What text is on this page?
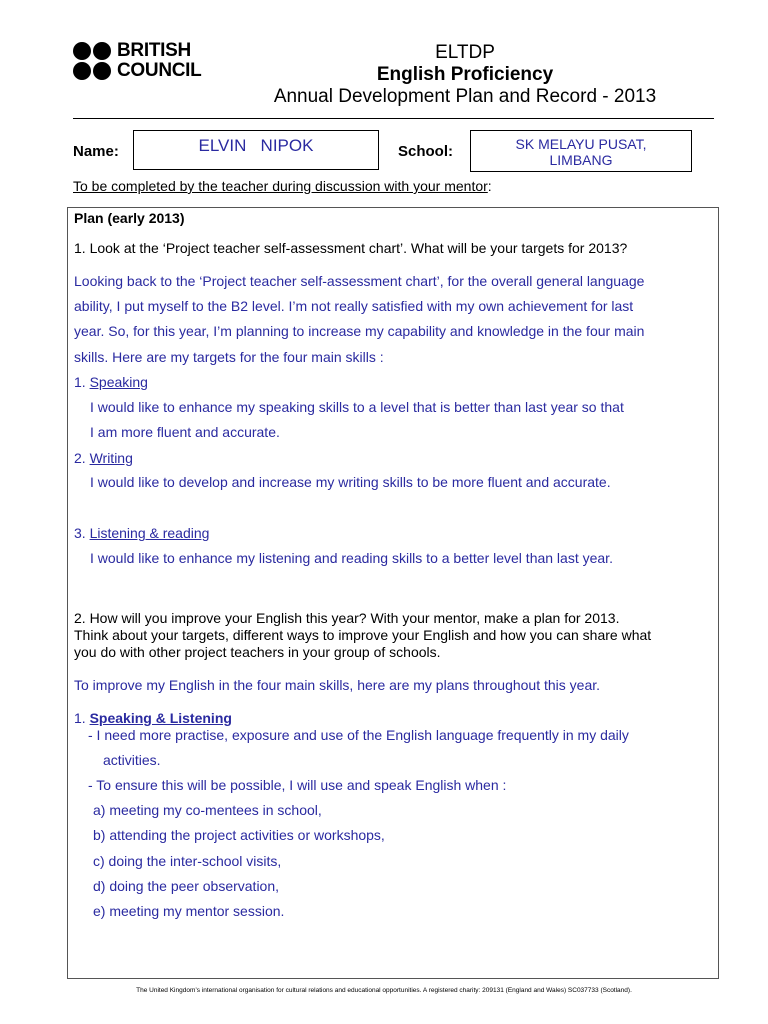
BRITISH
COUNCIL
ELTDP
English Proficiency
Annual Development Plan and Record - 2013
Name:	ELVIN   NIPOK	School:	SK MELAYU PUSAT,
LIMBANG
To be completed by the teacher during discussion with your mentor:
Plan (early 2013)
1. Look at the ‘Project teacher self-assessment chart’. What will be your targets for 2013?
Looking back to the ‘Project teacher self-assessment chart’, for the overall general language
ability, I put myself to the B2 level. I’m not really satisfied with my own achievement for last
year. So, for this year, I’m planning to increase my capability and knowledge in the four main
skills. Here are my targets for the four main skills :
1. Speaking
I would like to enhance my speaking skills to a level that is better than last year so that
I am more fluent and accurate.
2. Writing
I would like to develop and increase my writing skills to be more fluent and accurate.
3. Listening & reading
I would like to enhance my listening and reading skills to a better level than last year.
2. How will you improve your English this year? With your mentor, make a plan for 2013.
Think about your targets, different ways to improve your English and how you can share what
you do with other project teachers in your group of schools.
To improve my English in the four main skills, here are my plans throughout this year.
1. Speaking & Listening
- I need more practise, exposure and use of the English language frequently in my daily
activities.
- To ensure this will be possible, I will use and speak English when :
a) meeting my co-mentees in school,
b) attending the project activities or workshops,
c) doing the inter-school visits,
d) doing the peer observation,
e) meeting my mentor session.
The United Kingdom’s international organisation for cultural relations and educational opportunities. A registered charity: 209131 (England and Wales) SC037733 (Scotland).
